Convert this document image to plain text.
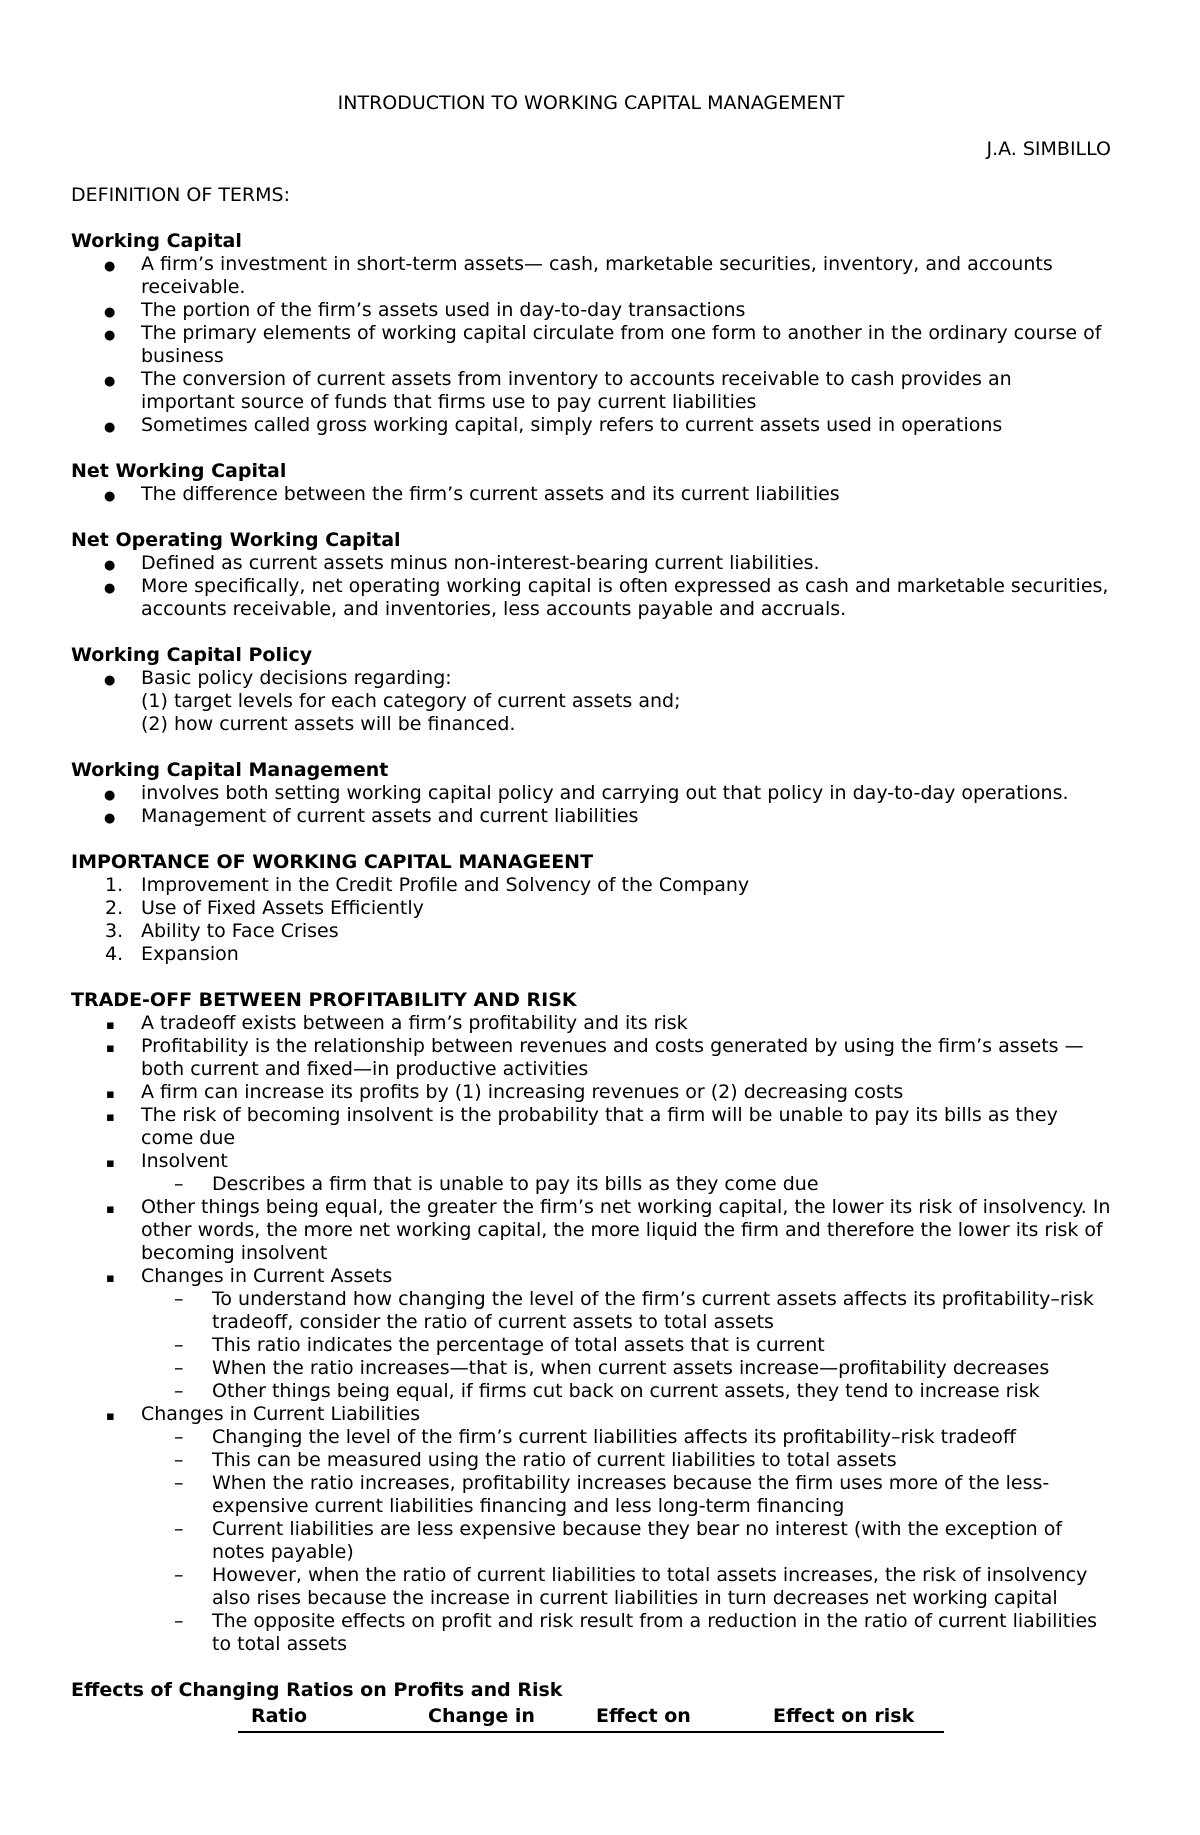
INTRODUCTION TO WORKING CAPITAL MANAGEMENT
J.A. SIMBILLO
DEFINITION OF TERMS:
Working Capital
●
A firm’s investment in short-term assets— cash, marketable securities, inventory, and accounts receivable.
●
The portion of the firm’s assets used in day-to-day transactions
●
The primary elements of working capital circulate from one form to another in the ordinary course of business
●
The conversion of current assets from inventory to accounts receivable to cash provides an important source of funds that firms use to pay current liabilities
●
Sometimes called gross working capital, simply refers to current assets used in operations
Net Working Capital
●
The difference between the firm’s current assets and its current liabilities
Net Operating Working Capital
●
Defined as current assets minus non-interest-bearing current liabilities.
●
More specifically, net operating working capital is often expressed as cash and marketable securities, accounts receivable, and inventories, less accounts payable and accruals.
Working Capital Policy
●
Basic policy decisions regarding:
(1) target levels for each category of current assets and;
(2) how current assets will be financed.
Working Capital Management
●
involves both setting working capital policy and carrying out that policy in day-to-day operations.
●
Management of current assets and current liabilities
IMPORTANCE OF WORKING CAPITAL MANAGEENT
1. Improvement in the Credit Profile and Solvency of the Company
2. Use of Fixed Assets Efficiently
3. Ability to Face Crises
4. Expansion
TRADE-OFF BETWEEN PROFITABILITY AND RISK
▪
A tradeoff exists between a firm’s profitability and its risk
▪
Profitability is the relationship between revenues and costs generated by using the firm’s assets —both current and fixed—in productive activities
▪
A firm can increase its profits by (1) increasing revenues or (2) decreasing costs
▪
The risk of becoming insolvent is the probability that a firm will be unable to pay its bills as they come due
▪
Insolvent
–
Describes a firm that is unable to pay its bills as they come due
▪
Other things being equal, the greater the firm’s net working capital, the lower its risk of insolvency. In other words, the more net working capital, the more liquid the firm and therefore the lower its risk of becoming insolvent
▪
Changes in Current Assets
–
To understand how changing the level of the firm’s current assets affects its profitability–risk tradeoff, consider the ratio of current assets to total assets
–
This ratio indicates the percentage of total assets that is current
–
When the ratio increases—that is, when current assets increase—profitability decreases
–
Other things being equal, if firms cut back on current assets, they tend to increase risk
▪
Changes in Current Liabilities
–
Changing the level of the firm’s current liabilities affects its profitability–risk tradeoff
–
This can be measured using the ratio of current liabilities to total assets
–
When the ratio increases, profitability increases because the firm uses more of the less-expensive current liabilities financing and less long-term financing
–
Current liabilities are less expensive because they bear no interest (with the exception of notes payable)
–
However, when the ratio of current liabilities to total assets increases, the risk of insolvency also rises because the increase in current liabilities in turn decreases net working capital
–
The opposite effects on profit and risk result from a reduction in the ratio of current liabilities to total assets
Effects of Changing Ratios on Profits and Risk
Ratio	Change in	Effect on	Effect on risk
